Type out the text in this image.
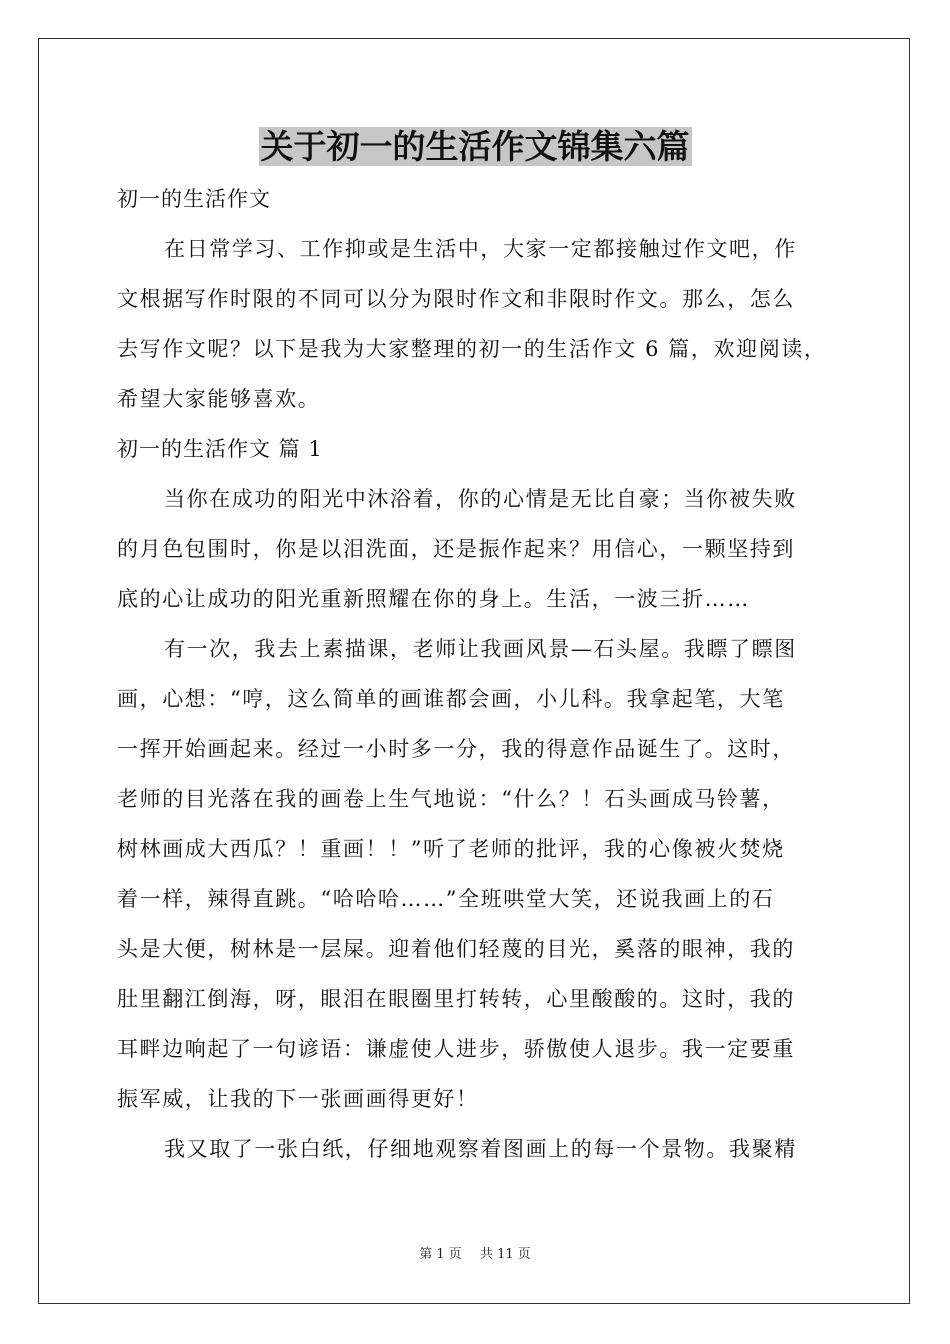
关于初一的生活作文锦集六篇
初一的生活作文
在日常学习、工作抑或是生活中，大家一定都接触过作文吧，作
文根据写作时限的不同可以分为限时作文和非限时作文。那么，怎么
去写作文呢？以下是我为大家整理的初一的生活作文 6 篇，欢迎阅读，
希望大家能够喜欢。
初一的生活作文 篇 1
当你在成功的阳光中沐浴着，你的心情是无比自豪；当你被失败
的月色包围时，你是以泪洗面，还是振作起来？用信心，一颗坚持到
底的心让成功的阳光重新照耀在你的身上。生活，一波三折……
有一次，我去上素描课，老师让我画风景—石头屋。我瞟了瞟图
画，心想：“哼，这么简单的画谁都会画，小儿科。我拿起笔，大笔
一挥开始画起来。经过一小时多一分，我的得意作品诞生了。这时，
老师的目光落在我的画卷上生气地说：“什么？！石头画成马铃薯，
树林画成大西瓜？！重画！！”听了老师的批评，我的心像被火焚烧
着一样，辣得直跳。“哈哈哈……”全班哄堂大笑，还说我画上的石
头是大便，树林是一层屎。迎着他们轻蔑的目光，奚落的眼神，我的
肚里翻江倒海，呀，眼泪在眼圈里打转转，心里酸酸的。这时，我的
耳畔边响起了一句谚语：谦虚使人进步，骄傲使人退步。我一定要重
振军威，让我的下一张画画得更好！
我又取了一张白纸，仔细地观察着图画上的每一个景物。我聚精
第 1 页 共 11 页
